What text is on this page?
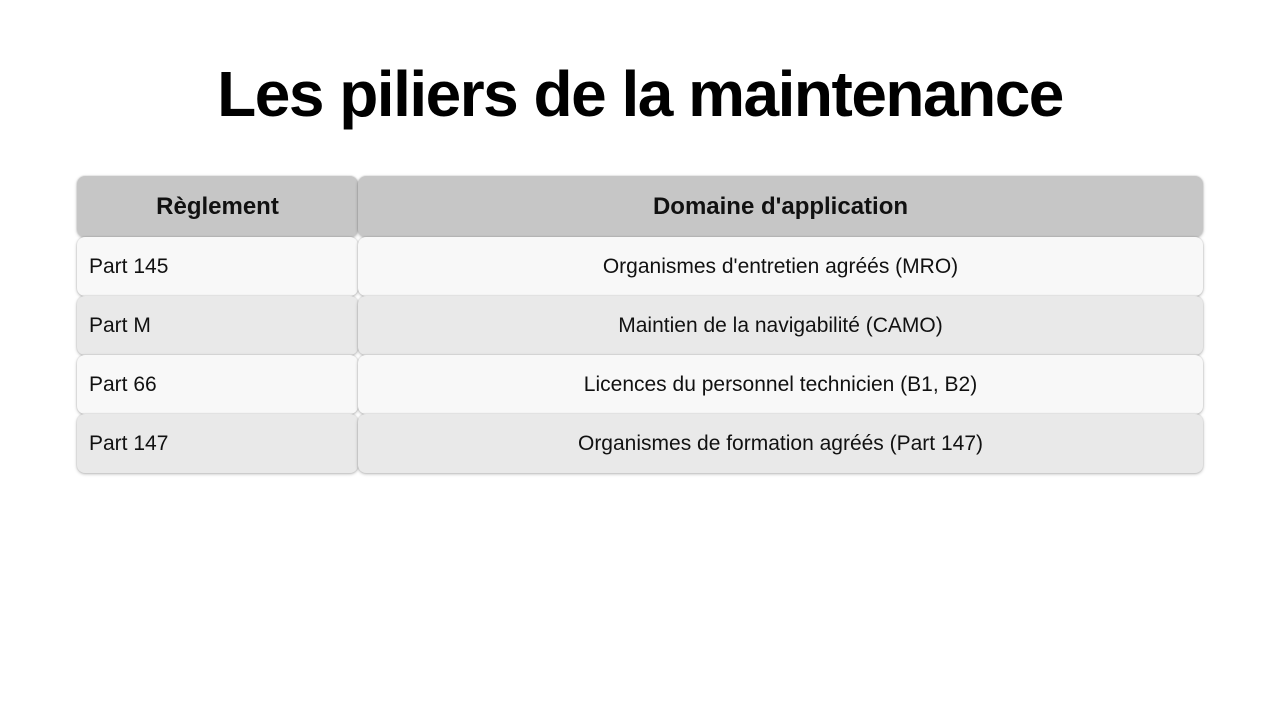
Les piliers de la maintenance
Règlement	Domaine d'application
Part 145	Organismes d'entretien agréés (MRO)
Part M	Maintien de la navigabilité (CAMO)
Part 66	Licences du personnel technicien (B1, B2)
Part 147	Organismes de formation agréés (Part 147)
